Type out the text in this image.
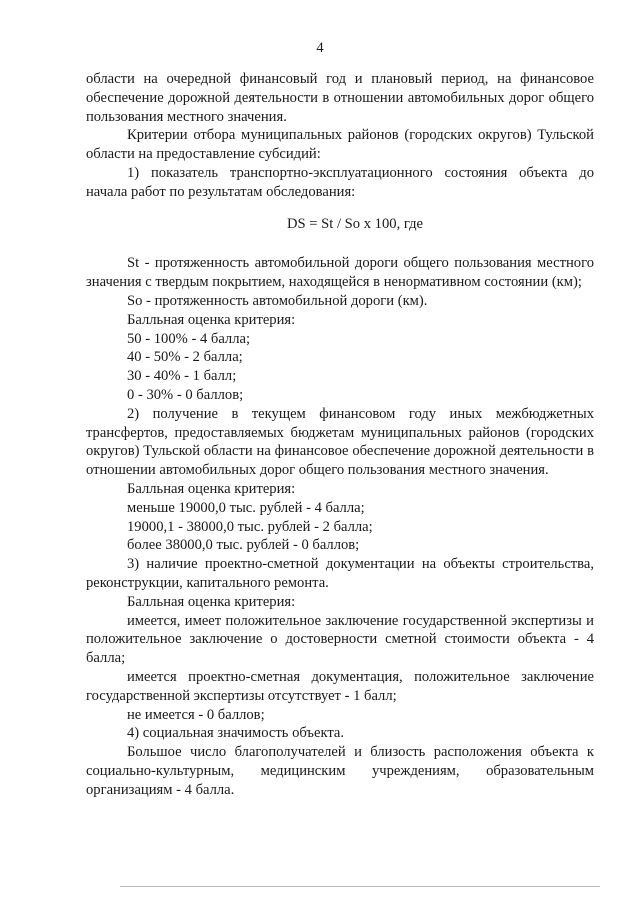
4

области на очередной финансовый год и плановый период, на финансовое обеспечение дорожной деятельности в отношении автомобильных дорог общего пользования местного значения.

Критерии отбора муниципальных районов (городских округов) Тульской области на предоставление субсидий:

1) показатель транспортно-эксплуатационного состояния объекта до начала работ по результатам обследования:

DS = St / So x 100, где

St - протяженность автомобильной дороги общего пользования местного значения с твердым покрытием, находящейся в ненормативном состоянии (км);

So - протяженность автомобильной дороги (км).

Балльная оценка критерия:

50 - 100% - 4 балла;

40 - 50% - 2 балла;

30 - 40% - 1 балл;

0 - 30% - 0 баллов;

2) получение в текущем финансовом году иных межбюджетных трансфертов, предоставляемых бюджетам муниципальных районов (городских округов) Тульской области на финансовое обеспечение дорожной деятельности в отношении автомобильных дорог общего пользования местного значения.

Балльная оценка критерия:

меньше 19000,0 тыс. рублей - 4 балла;

19000,1 - 38000,0 тыс. рублей - 2 балла;

более 38000,0 тыс. рублей - 0 баллов;

3) наличие проектно-сметной документации на объекты строительства, реконструкции, капитального ремонта.

Балльная оценка критерия:

имеется, имеет положительное заключение государственной экспертизы и положительное заключение о достоверности сметной стоимости объекта - 4 балла;

имеется проектно-сметная документация, положительное заключение государственной экспертизы отсутствует - 1 балл;

не имеется - 0 баллов;

4) социальная значимость объекта.

Большое число благополучателей и близость расположения объекта к социально-культурным, медицинским учреждениям, образовательным организациям - 4 балла.
